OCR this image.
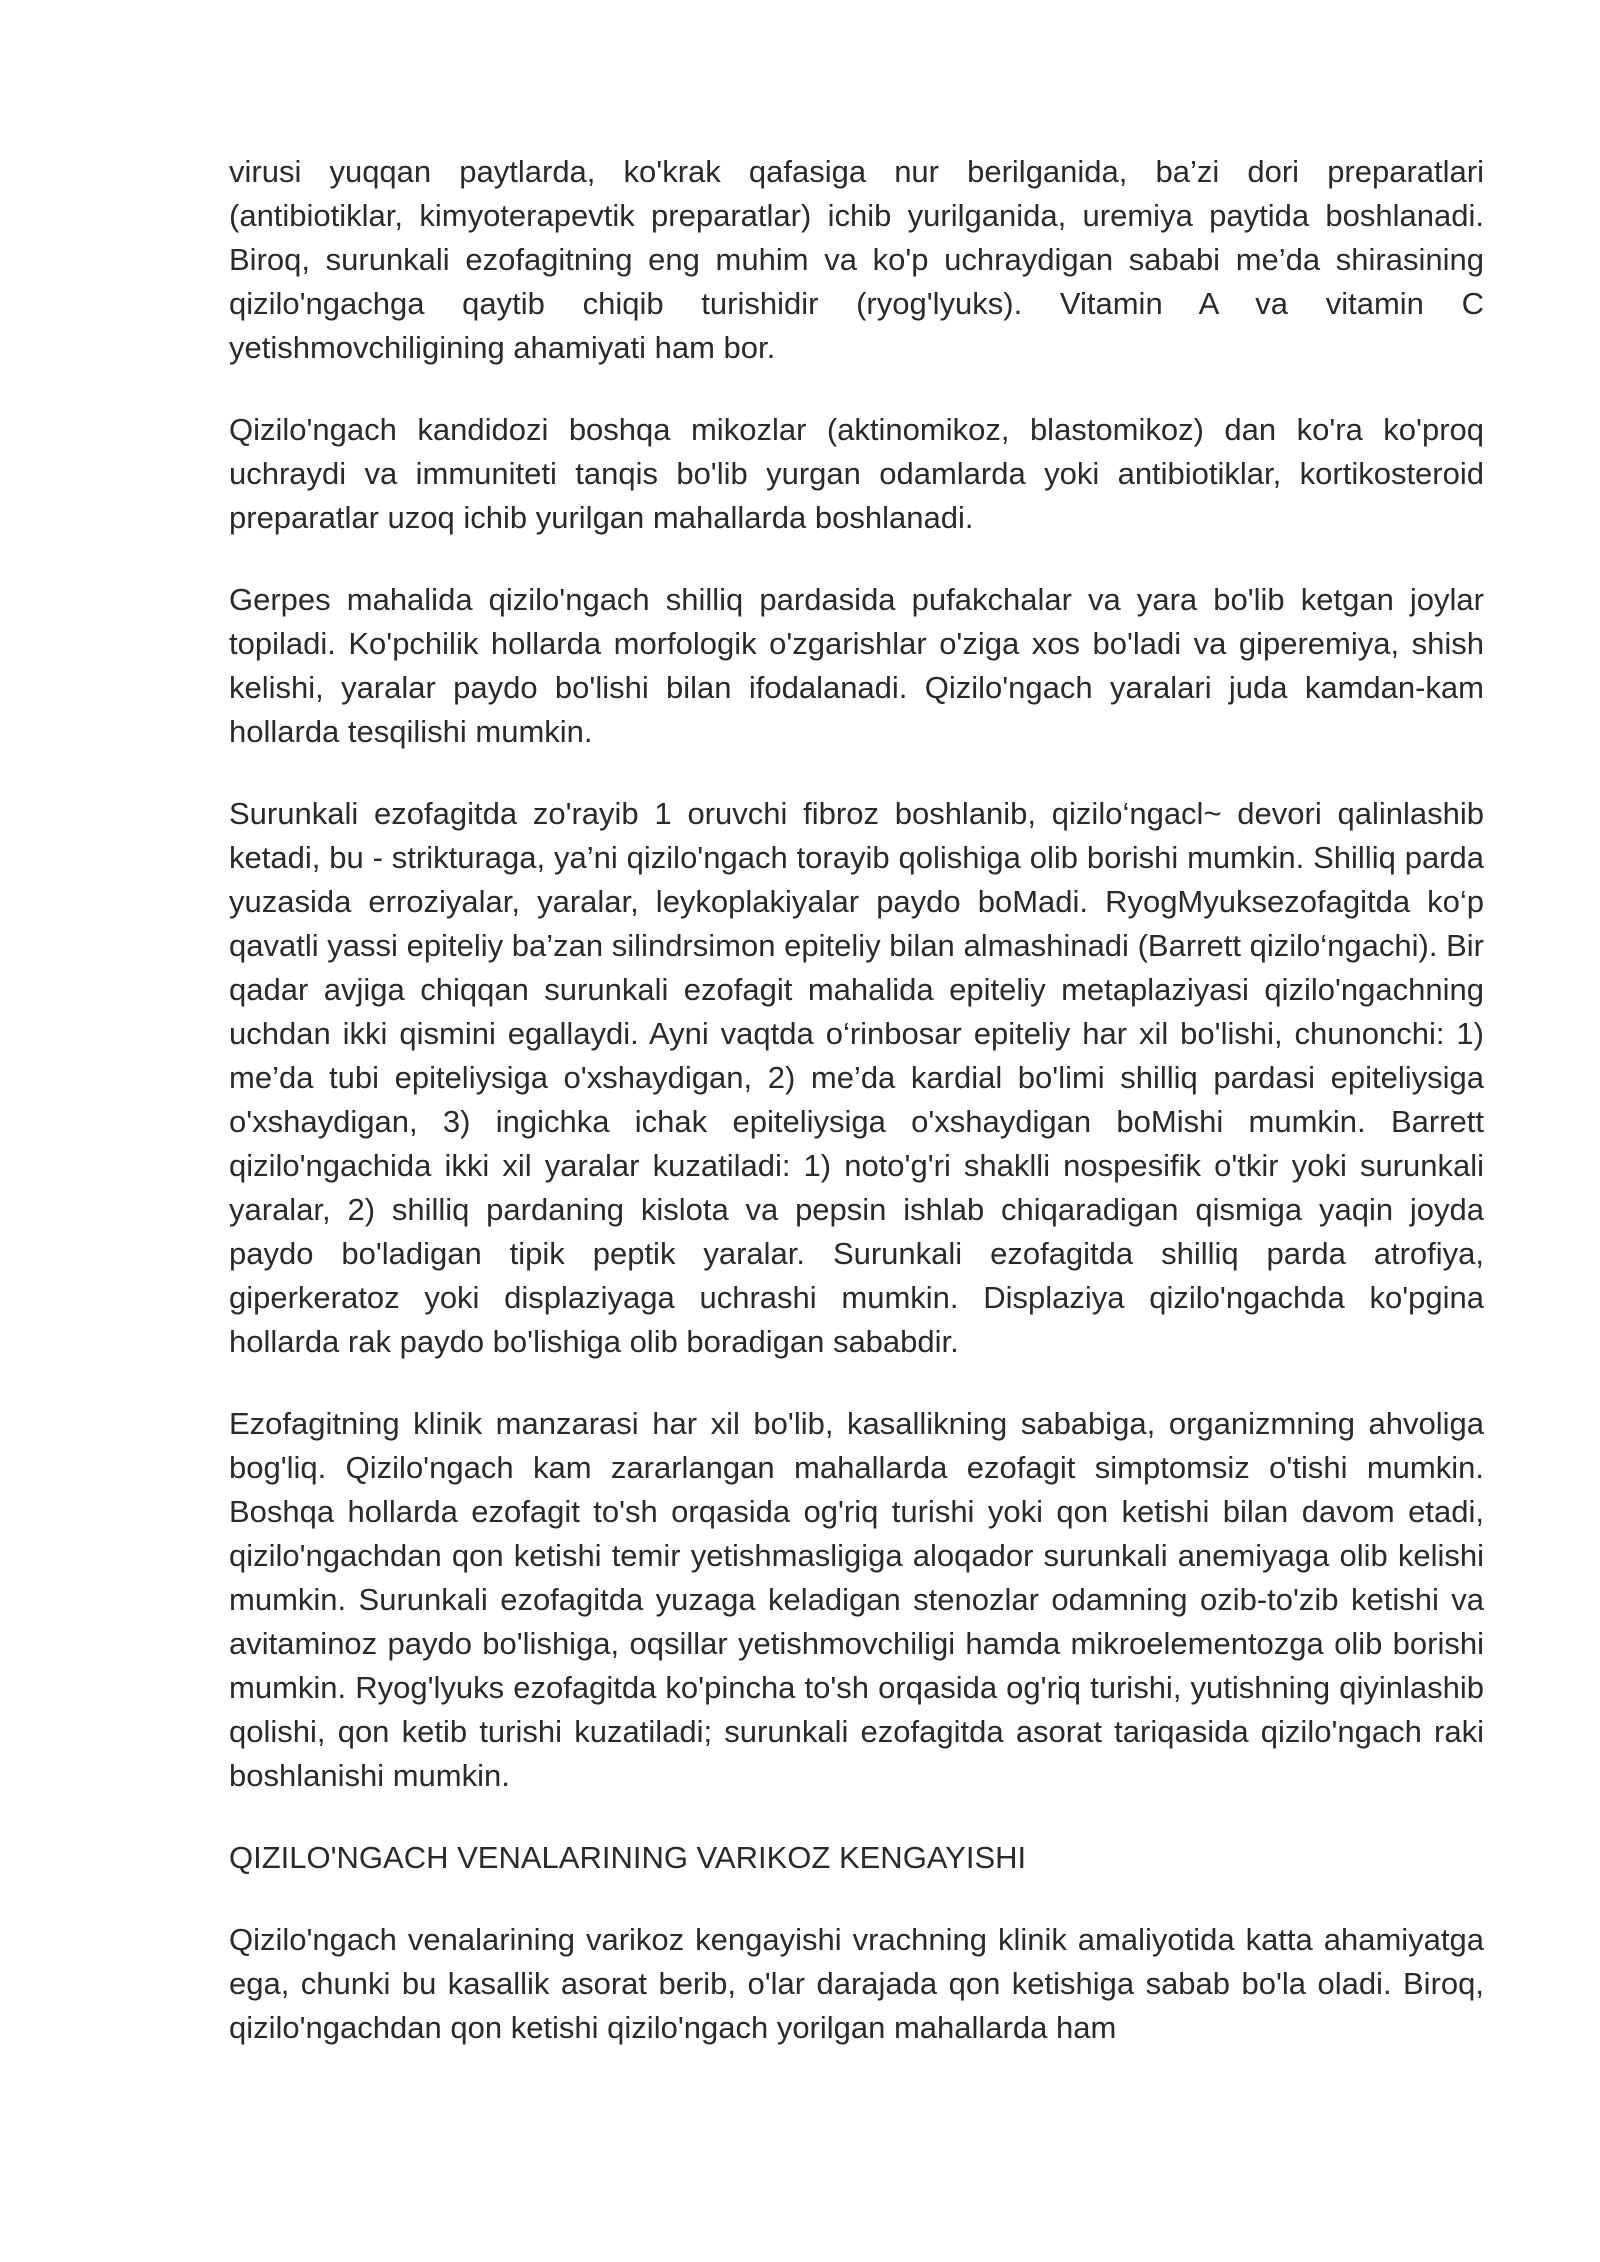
virusi yuqqan paytlarda, ko'krak qafasiga nur berilganida, ba’zi dori preparatlari (antibiotiklar, kimyoterapevtik preparatlar) ichib yurilganida, uremiya paytida boshlanadi. Biroq, surunkali ezofagitning eng muhim va ko'p uchraydigan sababi me’da shirasining qizilo'ngachga qaytib chiqib turishidir (ryog'lyuks). Vitamin A va vitamin C yetishmovchiligining ahamiyati ham bor.

Qizilo'ngach kandidozi boshqa mikozlar (aktinomikoz, blastomikoz) dan ko'ra ko'proq uchraydi va immuniteti tanqis bo'lib yurgan odamlarda yoki antibiotiklar, kortikosteroid preparatlar uzoq ichib yurilgan mahallarda boshlanadi.

Gerpes mahalida qizilo'ngach shilliq pardasida pufakchalar va yara bo'lib ketgan joylar topiladi. Ko'pchilik hollarda morfologik o'zgarishlar o'ziga xos bo'ladi va giperemiya, shish kelishi, yaralar paydo bo'lishi bilan ifodalanadi. Qizilo'ngach yaralari juda kamdan-kam hollarda tesqilishi mumkin.

Surunkali ezofagitda zo'rayib 1 oruvchi fibroz boshlanib, qizilo‘ngacl~ devori qalinlashib ketadi, bu - strikturaga, ya’ni qizilo'ngach torayib qolishiga olib borishi mumkin. Shilliq parda yuzasida erroziyalar, yaralar, leykoplakiyalar paydo boMadi. RyogMyuksezofagitda ko‘p qavatli yassi epiteliy ba’zan silindrsimon epiteliy bilan almashinadi (Barrett qizilo‘ngachi). Bir qadar avjiga chiqqan surunkali ezofagit mahalida epiteliy metaplaziyasi qizilo'ngachning uchdan ikki qismini egallaydi. Ayni vaqtda o‘rinbosar epiteliy har xil bo'lishi, chunonchi: 1) me’da tubi epiteliysiga o'xshaydigan, 2) me’da kardial bo'limi shilliq pardasi epiteliysiga o'xshaydigan, 3) ingichka ichak epiteliysiga o'xshaydigan boMishi mumkin. Barrett qizilo'ngachida ikki xil yaralar kuzatiladi: 1) noto'g'ri shaklli nospesifik o'tkir yoki surunkali yaralar, 2) shilliq pardaning kislota va pepsin ishlab chiqaradigan qismiga yaqin joyda paydo bo'ladigan tipik peptik yaralar. Surunkali ezofagitda shilliq parda atrofiya, giperkeratoz yoki displaziyaga uchrashi mumkin. Displaziya qizilo'ngachda ko'pgina hollarda rak paydo bo'lishiga olib boradigan sababdir.

Ezofagitning klinik manzarasi har xil bo'lib, kasallikning sababiga, organizmning ahvoliga bog'liq. Qizilo'ngach kam zararlangan mahallarda ezofagit simptomsiz o'tishi mumkin. Boshqa hollarda ezofagit to'sh orqasida og'riq turishi yoki qon ketishi bilan davom etadi, qizilo'ngachdan qon ketishi temir yetishmasligiga aloqador surunkali anemiyaga olib kelishi mumkin. Surunkali ezofagitda yuzaga keladigan stenozlar odamning ozib-to'zib ketishi va avitaminoz paydo bo'lishiga, oqsillar yetishmovchiligi hamda mikroelementozga olib borishi mumkin. Ryog'lyuks ezofagitda ko'pincha to'sh orqasida og'riq turishi, yutishning qiyinlashib qolishi, qon ketib turishi kuzatiladi; surunkali ezofagitda asorat tariqasida qizilo'ngach raki boshlanishi mumkin.

QIZILO'NGACH VENALARINING VARIKOZ KENGAYISHI

Qizilo'ngach venalarining varikoz kengayishi vrachning klinik amaliyotida katta ahamiyatga ega, chunki bu kasallik asorat berib, o'lar darajada qon ketishiga sabab bo'la oladi. Biroq, qizilo'ngachdan qon ketishi qizilo'ngach yorilgan mahallarda ham
